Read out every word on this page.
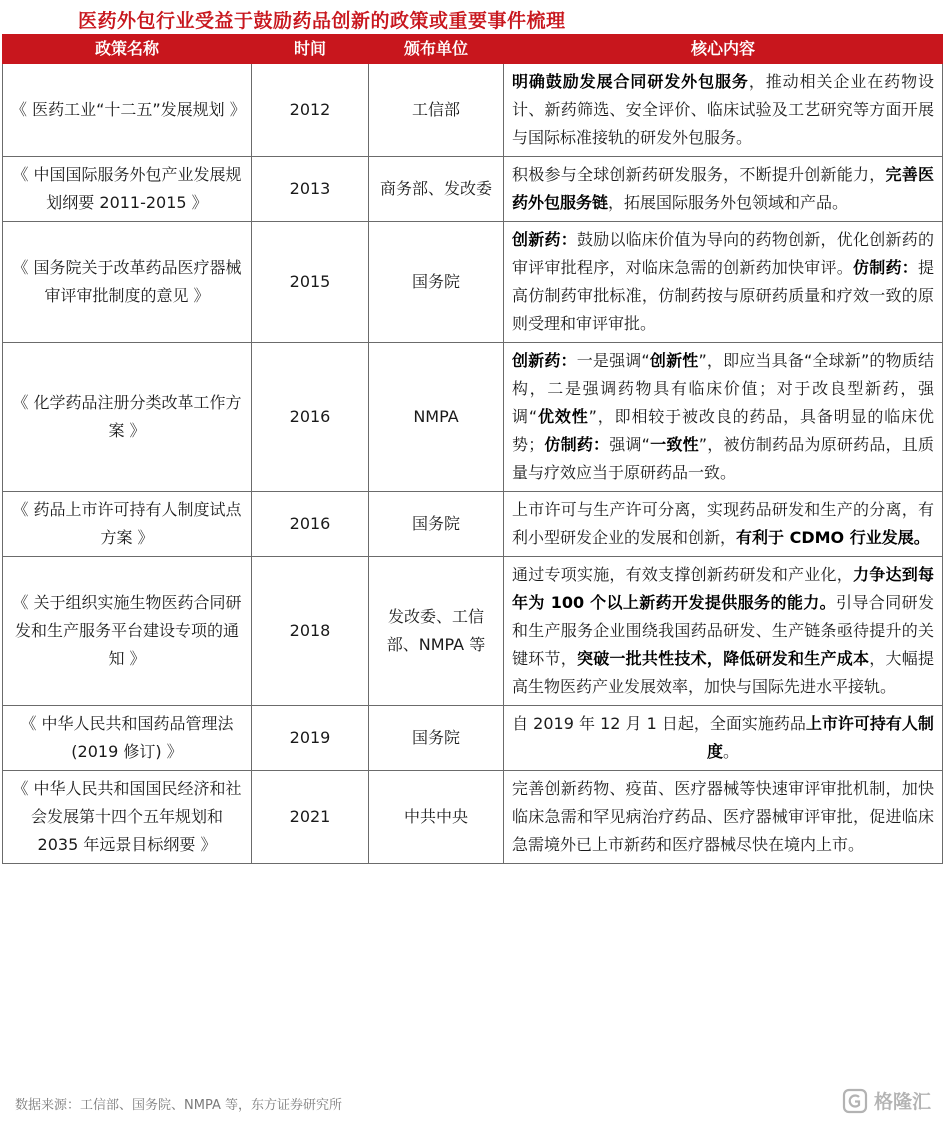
医药外包行业受益于鼓励药品创新的政策或重要事件梳理
政策名称	时间	颁布单位	核心内容
《 医药工业“十二五”发展规划 》	2012	工信部	明确鼓励发展合同研发外包服务，推动相关企业在药物设计、新药筛选、安全评价、临床试验及工艺研究等方面开展与国际标准接轨的研发外包服务。
《 中国国际服务外包产业发展规划纲要 2011-2015 》	2013	商务部、发改委	积极参与全球创新药研发服务，不断提升创新能力，完善医药外包服务链，拓展国际服务外包领域和产品。
《 国务院关于改革药品医疗器械审评审批制度的意见 》	2015	国务院	创新药：鼓励以临床价值为导向的药物创新，优化创新药的审评审批程序，对临床急需的创新药加快审评。仿制药：提高仿制药审批标准，仿制药按与原研药质量和疗效一致的原则受理和审评审批。
《 化学药品注册分类改革工作方案 》	2016	NMPA	创新药：一是强调“创新性”，即应当具备“全球新”的物质结构，二是强调药物具有临床价值；对于改良型新药，强调“优效性”，即相较于被改良的药品，具备明显的临床优势；仿制药：强调“一致性”，被仿制药品为原研药品，且质量与疗效应当于原研药品一致。
《 药品上市许可持有人制度试点方案 》	2016	国务院	上市许可与生产许可分离，实现药品研发和生产的分离，有利小型研发企业的发展和创新，有利于 CDMO 行业发展。
《 关于组织实施生物医药合同研发和生产服务平台建设专项的通知 》	2018	发改委、工信部、NMPA 等	通过专项实施，有效支撑创新药研发和产业化，力争达到每年为 100 个以上新药开发提供服务的能力。引导合同研发和生产服务企业围绕我国药品研发、生产链条亟待提升的关键环节，突破一批共性技术，降低研发和生产成本，大幅提高生物医药产业发展效率，加快与国际先进水平接轨。
《 中华人民共和国药品管理法(2019 修订) 》	2019	国务院	自 2019 年 12 月 1 日起，全面实施药品上市许可持有人制度。
《 中华人民共和国国民经济和社会发展第十四个五年规划和 2035 年远景目标纲要 》	2021	中共中央	完善创新药物、疫苗、医疗器械等快速审评审批机制，加快临床急需和罕见病治疗药品、医疗器械审评审批，促进临床急需境外已上市新药和医疗器械尽快在境内上市。
数据来源：工信部、国务院、NMPA 等，东方证券研究所	格隆汇
